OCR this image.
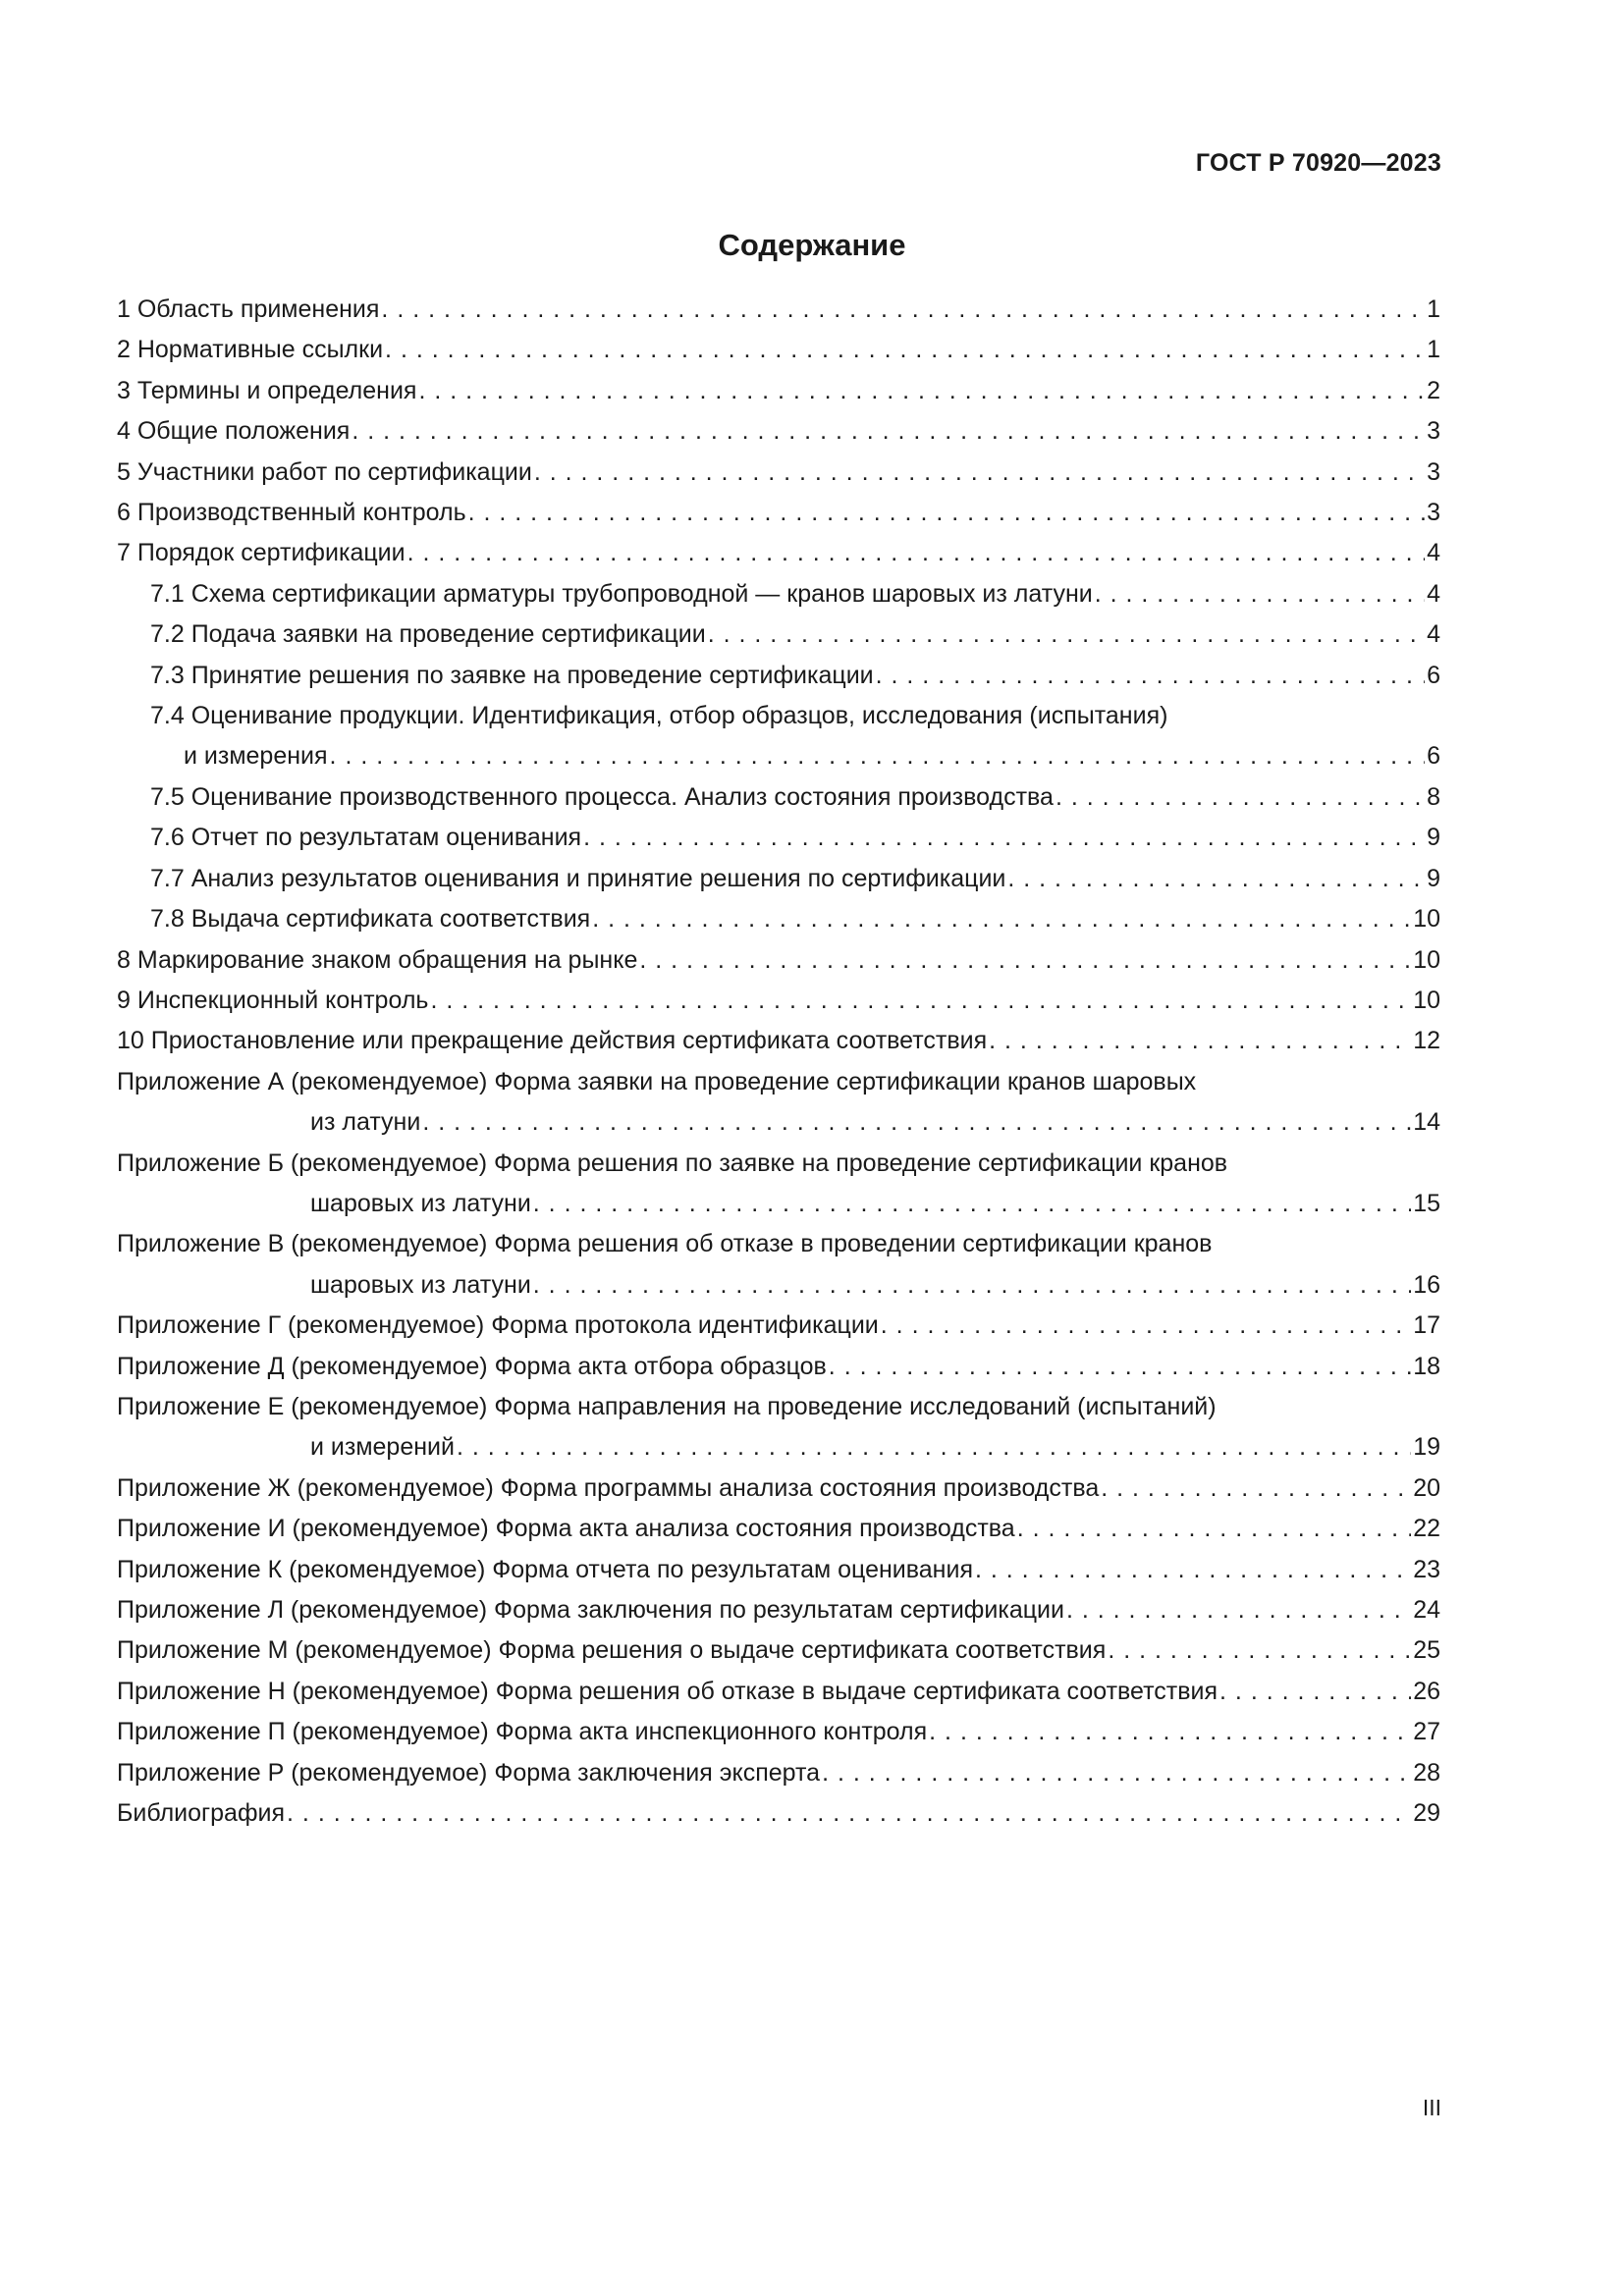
ГОСТ Р 70920—2023
Содержание
1 Область применения . . .	1
2 Нормативные ссылки . . .	1
3 Термины и определения . . .	2
4 Общие положения . . .	3
5 Участники работ по сертификации . . .	3
6 Производственный контроль . . .	3
7 Порядок сертификации . . .	4
7.1 Схема сертификации арматуры трубопроводной — кранов шаровых из латуни . . .	4
7.2 Подача заявки на проведение сертификации . . .	4
7.3 Принятие решения по заявке на проведение сертификации . . .	6
7.4 Оценивание продукции. Идентификация, отбор образцов, исследования (испытания)
и измерения . . .	6
7.5 Оценивание производственного процесса. Анализ состояния производства . . .	8
7.6 Отчет по результатам оценивания . . .	9
7.7 Анализ результатов оценивания и принятие решения по сертификации . . .	9
7.8 Выдача сертификата соответствия . . .	10
8 Маркирование знаком обращения на рынке . . .	10
9 Инспекционный контроль . . .	10
10 Приостановление или прекращение действия сертификата соответствия . . .	12
Приложение А (рекомендуемое) Форма заявки на проведение сертификации кранов шаровых
из латуни . . .	14
Приложение Б (рекомендуемое) Форма решения по заявке на проведение сертификации кранов
шаровых из латуни . . .	15
Приложение В (рекомендуемое) Форма решения об отказе в проведении сертификации кранов
шаровых из латуни . . .	16
Приложение Г (рекомендуемое) Форма протокола идентификации . . .	17
Приложение Д (рекомендуемое) Форма акта отбора образцов . . .	18
Приложение Е (рекомендуемое) Форма направления на проведение исследований (испытаний)
и измерений . . .	19
Приложение Ж (рекомендуемое) Форма программы анализа состояния производства . . .	20
Приложение И (рекомендуемое) Форма акта анализа состояния производства . . .	22
Приложение К (рекомендуемое) Форма отчета по результатам оценивания . . .	23
Приложение Л (рекомендуемое) Форма заключения по результатам сертификации . . .	24
Приложение М (рекомендуемое) Форма решения о выдаче сертификата соответствия . . .	25
Приложение Н (рекомендуемое) Форма решения об отказе в выдаче сертификата соответствия . . .	26
Приложение П (рекомендуемое) Форма акта инспекционного контроля . . .	27
Приложение Р (рекомендуемое) Форма заключения эксперта . . .	28
Библиография . . .	29
III
